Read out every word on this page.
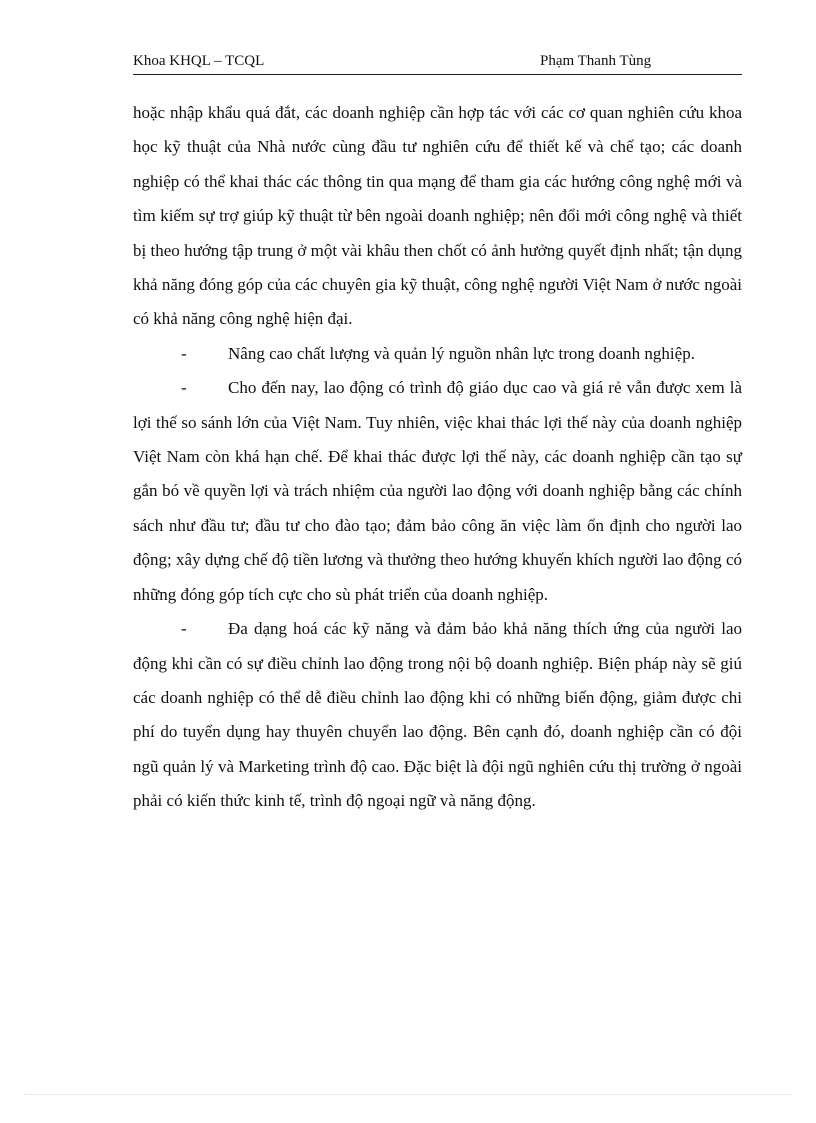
Khoa KHQL – TCQL	Phạm Thanh Tùng

hoặc nhập khẩu quá đắt, các doanh nghiệp cần hợp tác với các cơ quan nghiên cứu khoa học kỹ thuật của Nhà nước cùng đầu tư nghiên cứu để thiết kế và chế tạo; các doanh nghiệp có thể khai thác các thông tin qua mạng để tham gia các hướng công nghệ mới và tìm kiếm sự trợ giúp kỹ thuật từ bên ngoài doanh nghiệp; nên đổi mới công nghệ và thiết bị theo hướng tập trung ở một vài khâu then chốt có ảnh hưởng quyết định nhất; tận dụng khả năng đóng góp của các chuyên gia kỹ thuật, công nghệ người Việt Nam ở nước ngoài có khả năng công nghệ hiện đại.

- Nâng cao chất lượng và quản lý nguồn nhân lực trong doanh nghiệp.

- Cho đến nay, lao động có trình độ giáo dục cao và giá rẻ vẫn được xem là lợi thế so sánh lớn của Việt Nam. Tuy nhiên, việc khai thác lợi thế này của doanh nghiệp Việt Nam còn khá hạn chế. Để khai thác được lợi thế này, các doanh nghiệp cần tạo sự gắn bó về quyền lợi và trách nhiệm của người lao động với doanh nghiệp bằng các chính sách như đầu tư; đầu tư cho đào tạo; đảm bảo công ăn việc làm ổn định cho người lao động; xây dựng chế độ tiền lương và thưởng theo hướng khuyến khích người lao động có những đóng góp tích cực cho sù phát triển của doanh nghiệp.

- Đa dạng hoá các kỹ năng và đảm bảo khả năng thích ứng của người lao động khi cần có sự điều chỉnh lao động trong nội bộ doanh nghiệp. Biện pháp này sẽ giú các doanh nghiệp có thể dễ điều chỉnh lao động khi có những biến động, giảm được chi phí do tuyển dụng hay thuyên chuyển lao động. Bên cạnh đó, doanh nghiệp cần có đội ngũ quản lý và Marketing trình độ cao. Đặc biệt là đội ngũ nghiên cứu thị trường ở ngoài phải có kiến thức kinh tế, trình độ ngoại ngữ và năng động.
